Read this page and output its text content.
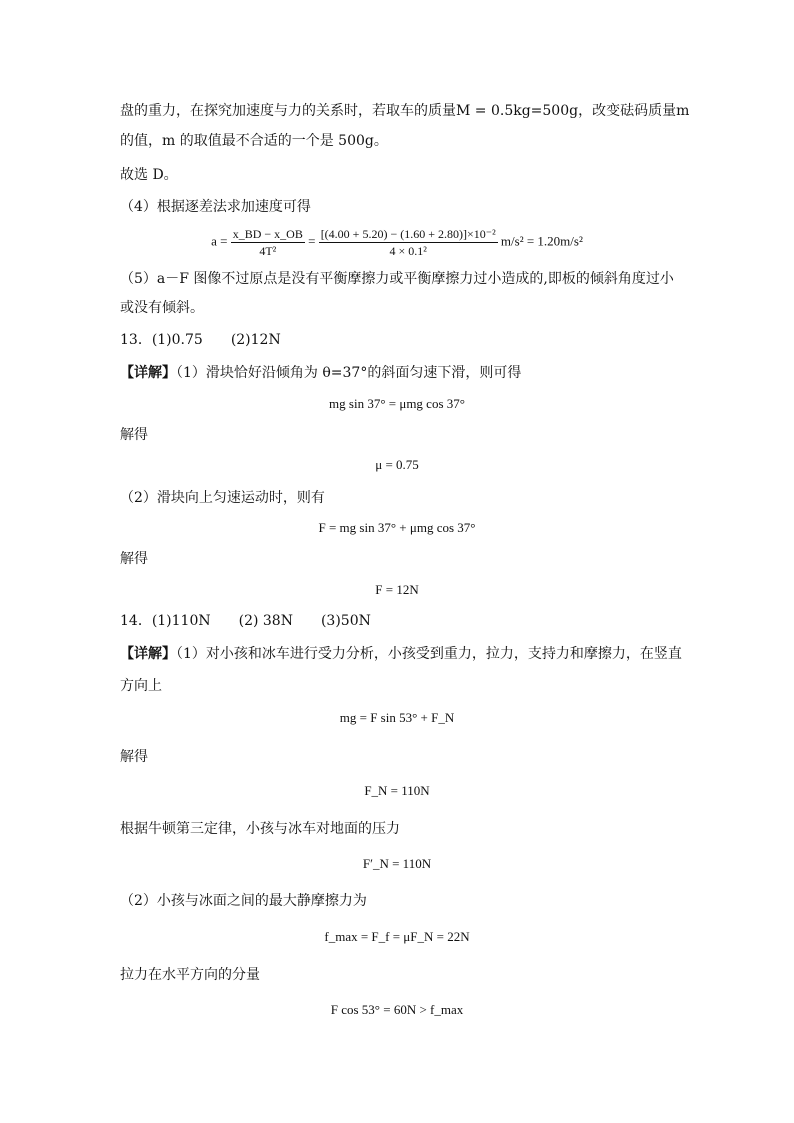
盘的重力，在探究加速度与力的关系时，若取车的质量M = 0.5kg=500g，改变砝码质量m
的值，m 的取值最不合适的一个是 500g。
故选 D。
（4）根据逐差法求加速度可得
$a = \frac{x\_BD - x\_OB}{\text{4T²}} = \frac{\text{[(4.00 + 5.20) − (1.60 + 2.80)]×10⁻²}}{\text{4 × 0.1²}} m/s^2 = 1.20m/s^2$
（5）a－F 图像不过原点是没有平衡摩擦力或平衡摩擦力过小造成的,即板的倾斜角度过小
或没有倾斜。
13．(1)0.75　　(2)12N
【详解】（1）滑块恰好沿倾角为 θ=37°的斜面匀速下滑，则可得
mg sin 37° = μmg cos 37°
解得
μ = 0.75
（2）滑块向上匀速运动时，则有
F = mg sin 37° + μmg cos 37°
解得
F = 12N
14．(1)110N　　(2) 38N　　(3)50N
【详解】（1）对小孩和冰车进行受力分析，小孩受到重力，拉力，支持力和摩擦力，在竖直
方向上
mg = F sin 53° + F_N
解得
F_N = 110N
根据牛顿第三定律，小孩与冰车对地面的压力
F′_N = 110N
（2）小孩与冰面之间的最大静摩擦力为
f_max = F_f = μF_N = 22N
拉力在水平方向的分量
F cos 53° = 60N > f_max
